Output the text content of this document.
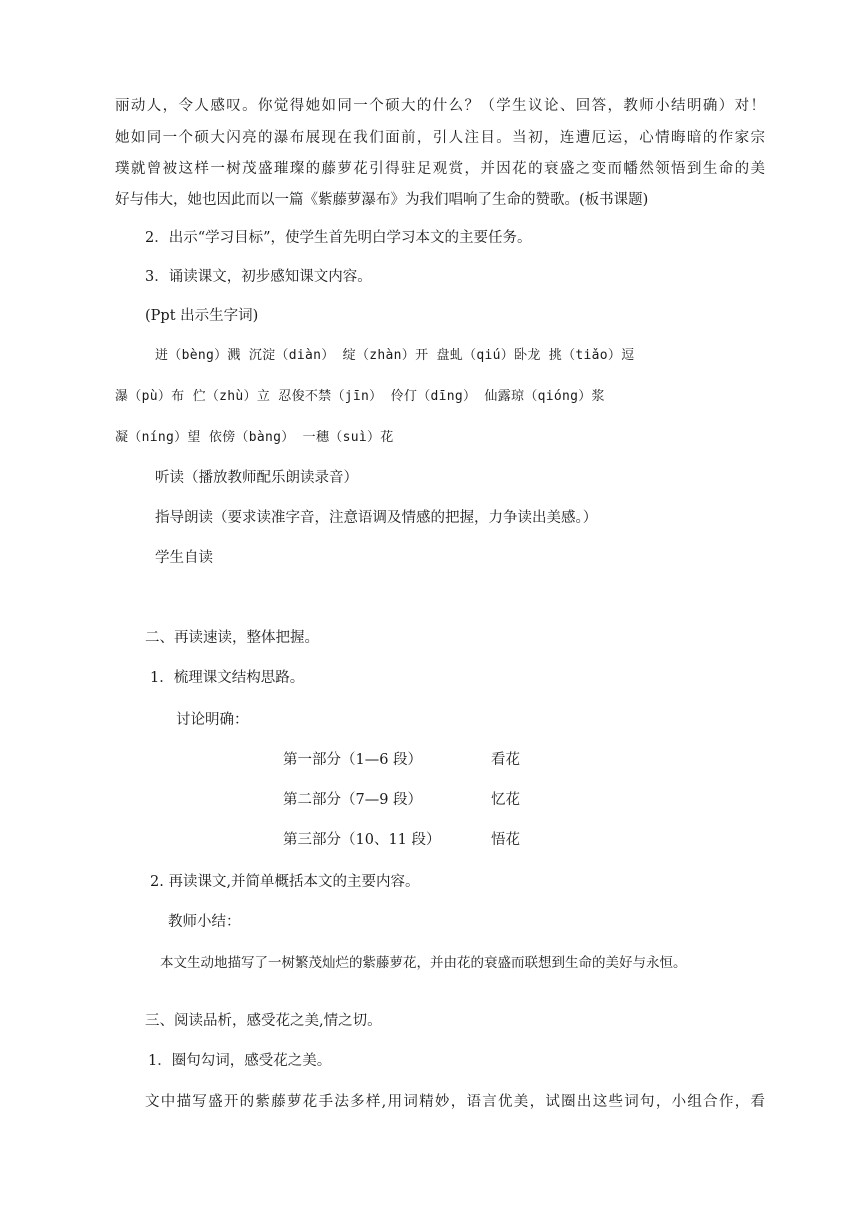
丽动人，令人感叹。你觉得她如同一个硕大的什么？（学生议论、回答，教师小结明确）对！
她如同一个硕大闪亮的瀑布展现在我们面前，引人注目。当初，连遭厄运，心情晦暗的作家宗
璞就曾被这样一树茂盛璀璨的藤萝花引得驻足观赏，并因花的衰盛之变而幡然领悟到生命的美
好与伟大，她也因此而以一篇《紫藤萝瀑布》为我们唱响了生命的赞歌。(板书课题)
2．出示“学习目标”，使学生首先明白学习本文的主要任务。
3．诵读课文，初步感知课文内容。
(Ppt 出示生字词)
迸（bèng）溅 沉淀（diàn） 绽（zhàn）开 盘虬（qiú）卧龙 挑（tiǎo）逗
瀑（pù）布 伫（zhù）立 忍俊不禁（jīn） 伶仃（dīng） 仙露琼（qióng）浆
凝（níng）望 依傍（bàng） 一穗（suì）花
听读（播放教师配乐朗读录音）
指导朗读（要求读准字音，注意语调及情感的把握，力争读出美感。）
学生自读
二、再读速读，整体把握。
1．梳理课文结构思路。
讨论明确：
第一部分（1—6 段）	看花
第二部分（7—9 段）	忆花
第三部分（10、11 段）	悟花
2. 再读课文,并简单概括本文的主要内容。
教师小结：
本文生动地描写了一树繁茂灿烂的紫藤萝花，并由花的衰盛而联想到生命的美好与永恒。
三、阅读品析，感受花之美,情之切。
1．圈句勾词，感受花之美。
文中描写盛开的紫藤萝花手法多样,用词精妙，语言优美，试圈出这些词句，小组合作，看
